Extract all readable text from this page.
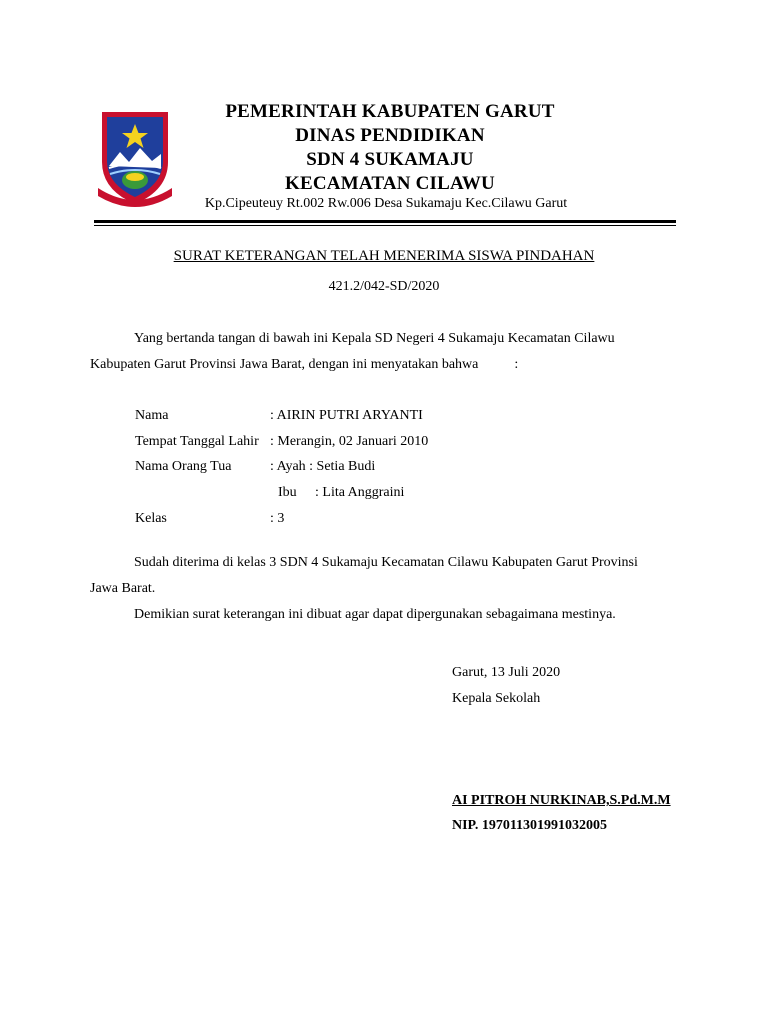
PEMERINTAH KABUPATEN GARUT
DINAS PENDIDIKAN
SDN 4 SUKAMAJU
KECAMATAN CILAWU
Kp.Cipeuteuy Rt.002 Rw.006 Desa Sukamaju Kec.Cilawu Garut
SURAT KETERANGAN TELAH MENERIMA SISWA PINDAHAN
421.2/042-SD/2020
Yang bertanda tangan di bawah ini Kepala SD Negeri 4 Sukamaju Kecamatan Cilawu
Kabupaten Garut Provinsi Jawa Barat, dengan ini menyatakan bahwa	:
Nama	: AIRIN PUTRI ARYANTI
Tempat Tanggal Lahir : Merangin, 02 Januari 2010
Nama Orang Tua	: Ayah : Setia Budi
Ibu : Lita Anggraini
Kelas	: 3
Sudah diterima di kelas 3 SDN 4 Sukamaju Kecamatan Cilawu Kabupaten Garut Provinsi
Jawa Barat.
Demikian surat keterangan ini dibuat agar dapat dipergunakan sebagaimana mestinya.
Garut, 13 Juli 2020
Kepala Sekolah
AI PITROH NURKINAB,S.Pd.M.M
NIP. 197011301991032005
